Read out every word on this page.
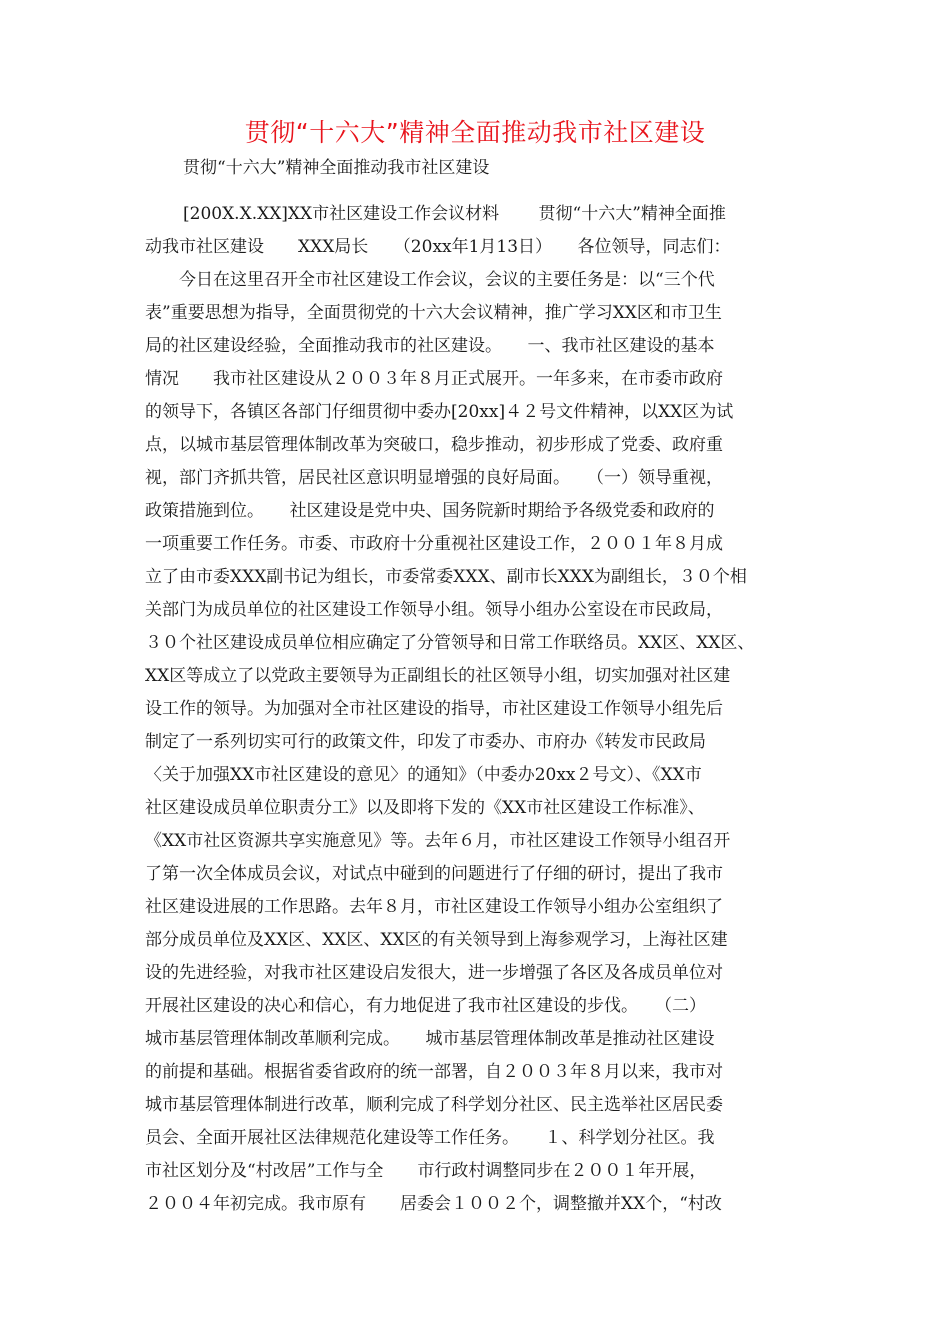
贯彻“十六大”精神全面推动我市社区建设

贯彻“十六大”精神全面推动我市社区建设

[200X.X.XX]XX市社区建设工作会议材料　　 贯彻“十六大”精神全面推
动我市社区建设　　XXX局长　　（20xx年1月13日）　　各位领导，同志们：
　　今日在这里召开全市社区建设工作会议，会议的主要任务是：以“三个代
表”重要思想为指导，全面贯彻党的十六大会议精神，推广学习XX区和市卫生
局的社区建设经验，全面推动我市的社区建设。　　一、我市社区建设的基本
情况　　我市社区建设从２００３年８月正式展开。一年多来，在市委市政府
的领导下，各镇区各部门仔细贯彻中委办[20xx]４２号文件精神，以XX区为试
点，以城市基层管理体制改革为突破口，稳步推动，初步形成了党委、政府重
视，部门齐抓共管，居民社区意识明显增强的良好局面。　　（一）领导重视，
政策措施到位。　　社区建设是党中央、国务院新时期给予各级党委和政府的
一项重要工作任务。市委、市政府十分重视社区建设工作，２００１年８月成
立了由市委XXX副书记为组长，市委常委XXX、副市长XXX为副组长，３０个相
关部门为成员单位的社区建设工作领导小组。领导小组办公室设在市民政局，
３０个社区建设成员单位相应确定了分管领导和日常工作联络员。XX区、XX区、
XX区等成立了以党政主要领导为正副组长的社区领导小组，切实加强对社区建
设工作的领导。为加强对全市社区建设的指导，市社区建设工作领导小组先后
制定了一系列切实可行的政策文件，印发了市委办、市府办《转发市民政局
〈关于加强XX市社区建设的意见〉的通知》（中委办20xx２号文）、《XX市
社区建设成员单位职责分工》以及即将下发的《XX市社区建设工作标准》、
《XX市社区资源共享实施意见》等。去年６月，市社区建设工作领导小组召开
了第一次全体成员会议，对试点中碰到的问题进行了仔细的研讨，提出了我市
社区建设进展的工作思路。去年８月，市社区建设工作领导小组办公室组织了
部分成员单位及XX区、XX区、XX区的有关领导到上海参观学习，上海社区建
设的先进经验，对我市社区建设启发很大，进一步增强了各区及各成员单位对
开展社区建设的决心和信心，有力地促进了我市社区建设的步伐。　　（二）
城市基层管理体制改革顺利完成。　　城市基层管理体制改革是推动社区建设
的前提和基础。根据省委省政府的统一部署，自２００３年８月以来，我市对
城市基层管理体制进行改革，顺利完成了科学划分社区、民主选举社区居民委
员会、全面开展社区法律规范化建设等工作任务。　　１、科学划分社区。我
市社区划分及“村改居”工作与全　　市行政村调整同步在２００１年开展，
２００４年初完成。我市原有　　居委会１００２个，调整撤并XX个，“村改
